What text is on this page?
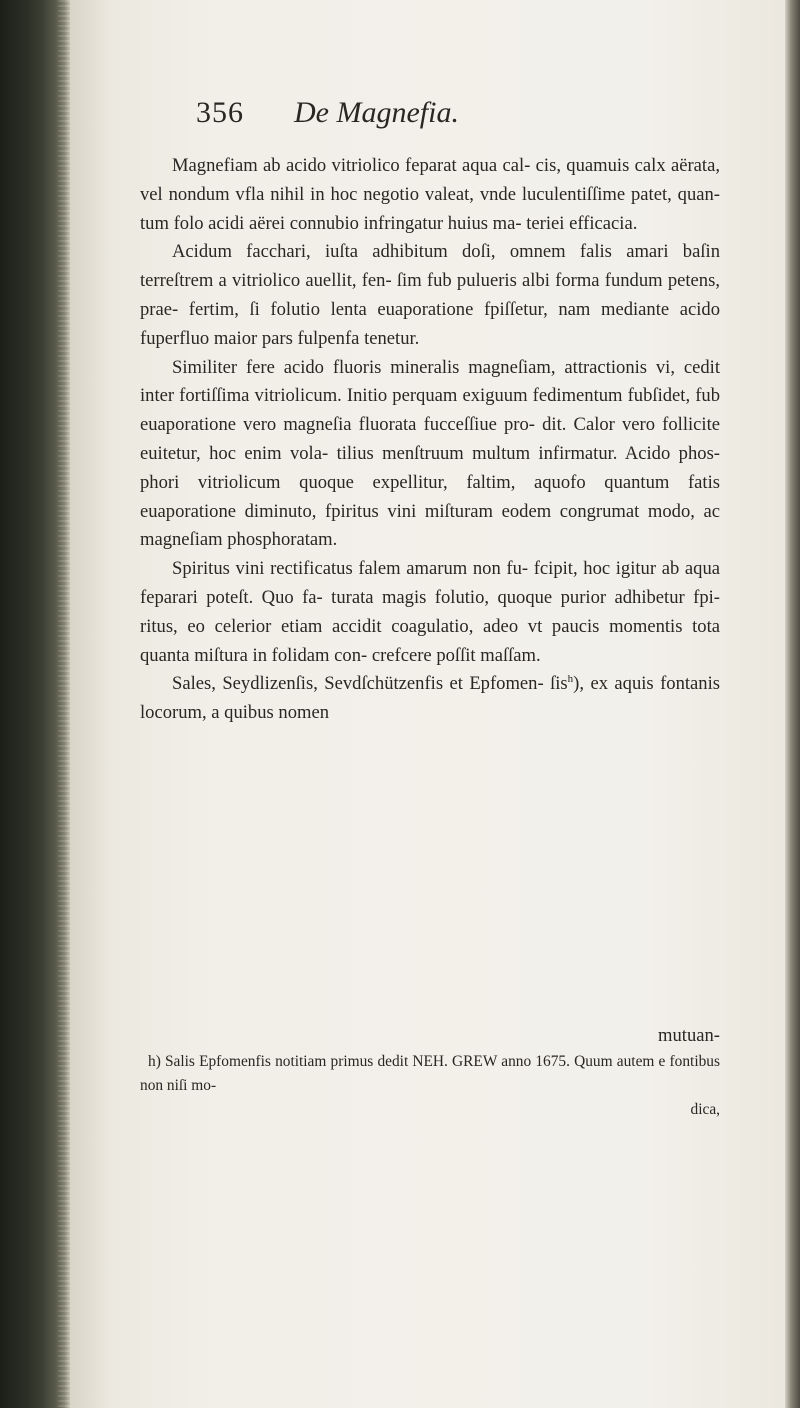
356 De Magnefia.

Magnefiam ab acido vitriolico feparat aqua cal- cis, quamuis calx aërata, vel nondum vfla nihil in hoc negotio valeat, vnde luculentiſſime patet, quan- tum folo acidi aërei connubio infringatur huius ma- teriei efficacia.

Acidum facchari, iuſta adhibitum doſi, omnem falis amari baſin terreſtrem a vitriolico auellit, fen- ſim fub pulueris albi forma fundum petens, prae- fertim, ſi folutio lenta euaporatione fpiſſetur, nam mediante acido fuperfluo maior pars fulpenfa tenetur.

Similiter fere acido fluoris mineralis magneſiam, attractionis vi, cedit inter fortiſſima vitriolicum. Initio perquam exiguum fedimentum fubſidet, fub euaporatione vero magneſia fluorata fucceſſiue pro- dit. Calor vero follicite euitetur, hoc enim vola- tilius menſtruum multum infirmatur. Acido phos- phori vitriolicum quoque expellitur, faltim, aquofo quantum fatis euaporatione diminuto, fpiritus vini miſturam eodem congrumat modo, ac magneſiam phosphoratam.

Spiritus vini rectificatus falem amarum non fu- fcipit, hoc igitur ab aqua feparari poteſt. Quo fa- turata magis folutio, quoque purior adhibetur fpi- ritus, eo celerior etiam accidit coagulatio, adeo vt paucis momentis tota quanta miſtura in folidam con- crefcere poſſit maſſam.

Sales, Seydlizenſis, Sevdſchützenfis et Epfomen- ſis$^h$), ex aquis fontanis locorum, a quibus nomen

mutuan-

h) Salis Epfomenfis notitiam primus dedit NEH. GREW anno 1675. Quum autem e fontibus non niſi mo-

dica,
